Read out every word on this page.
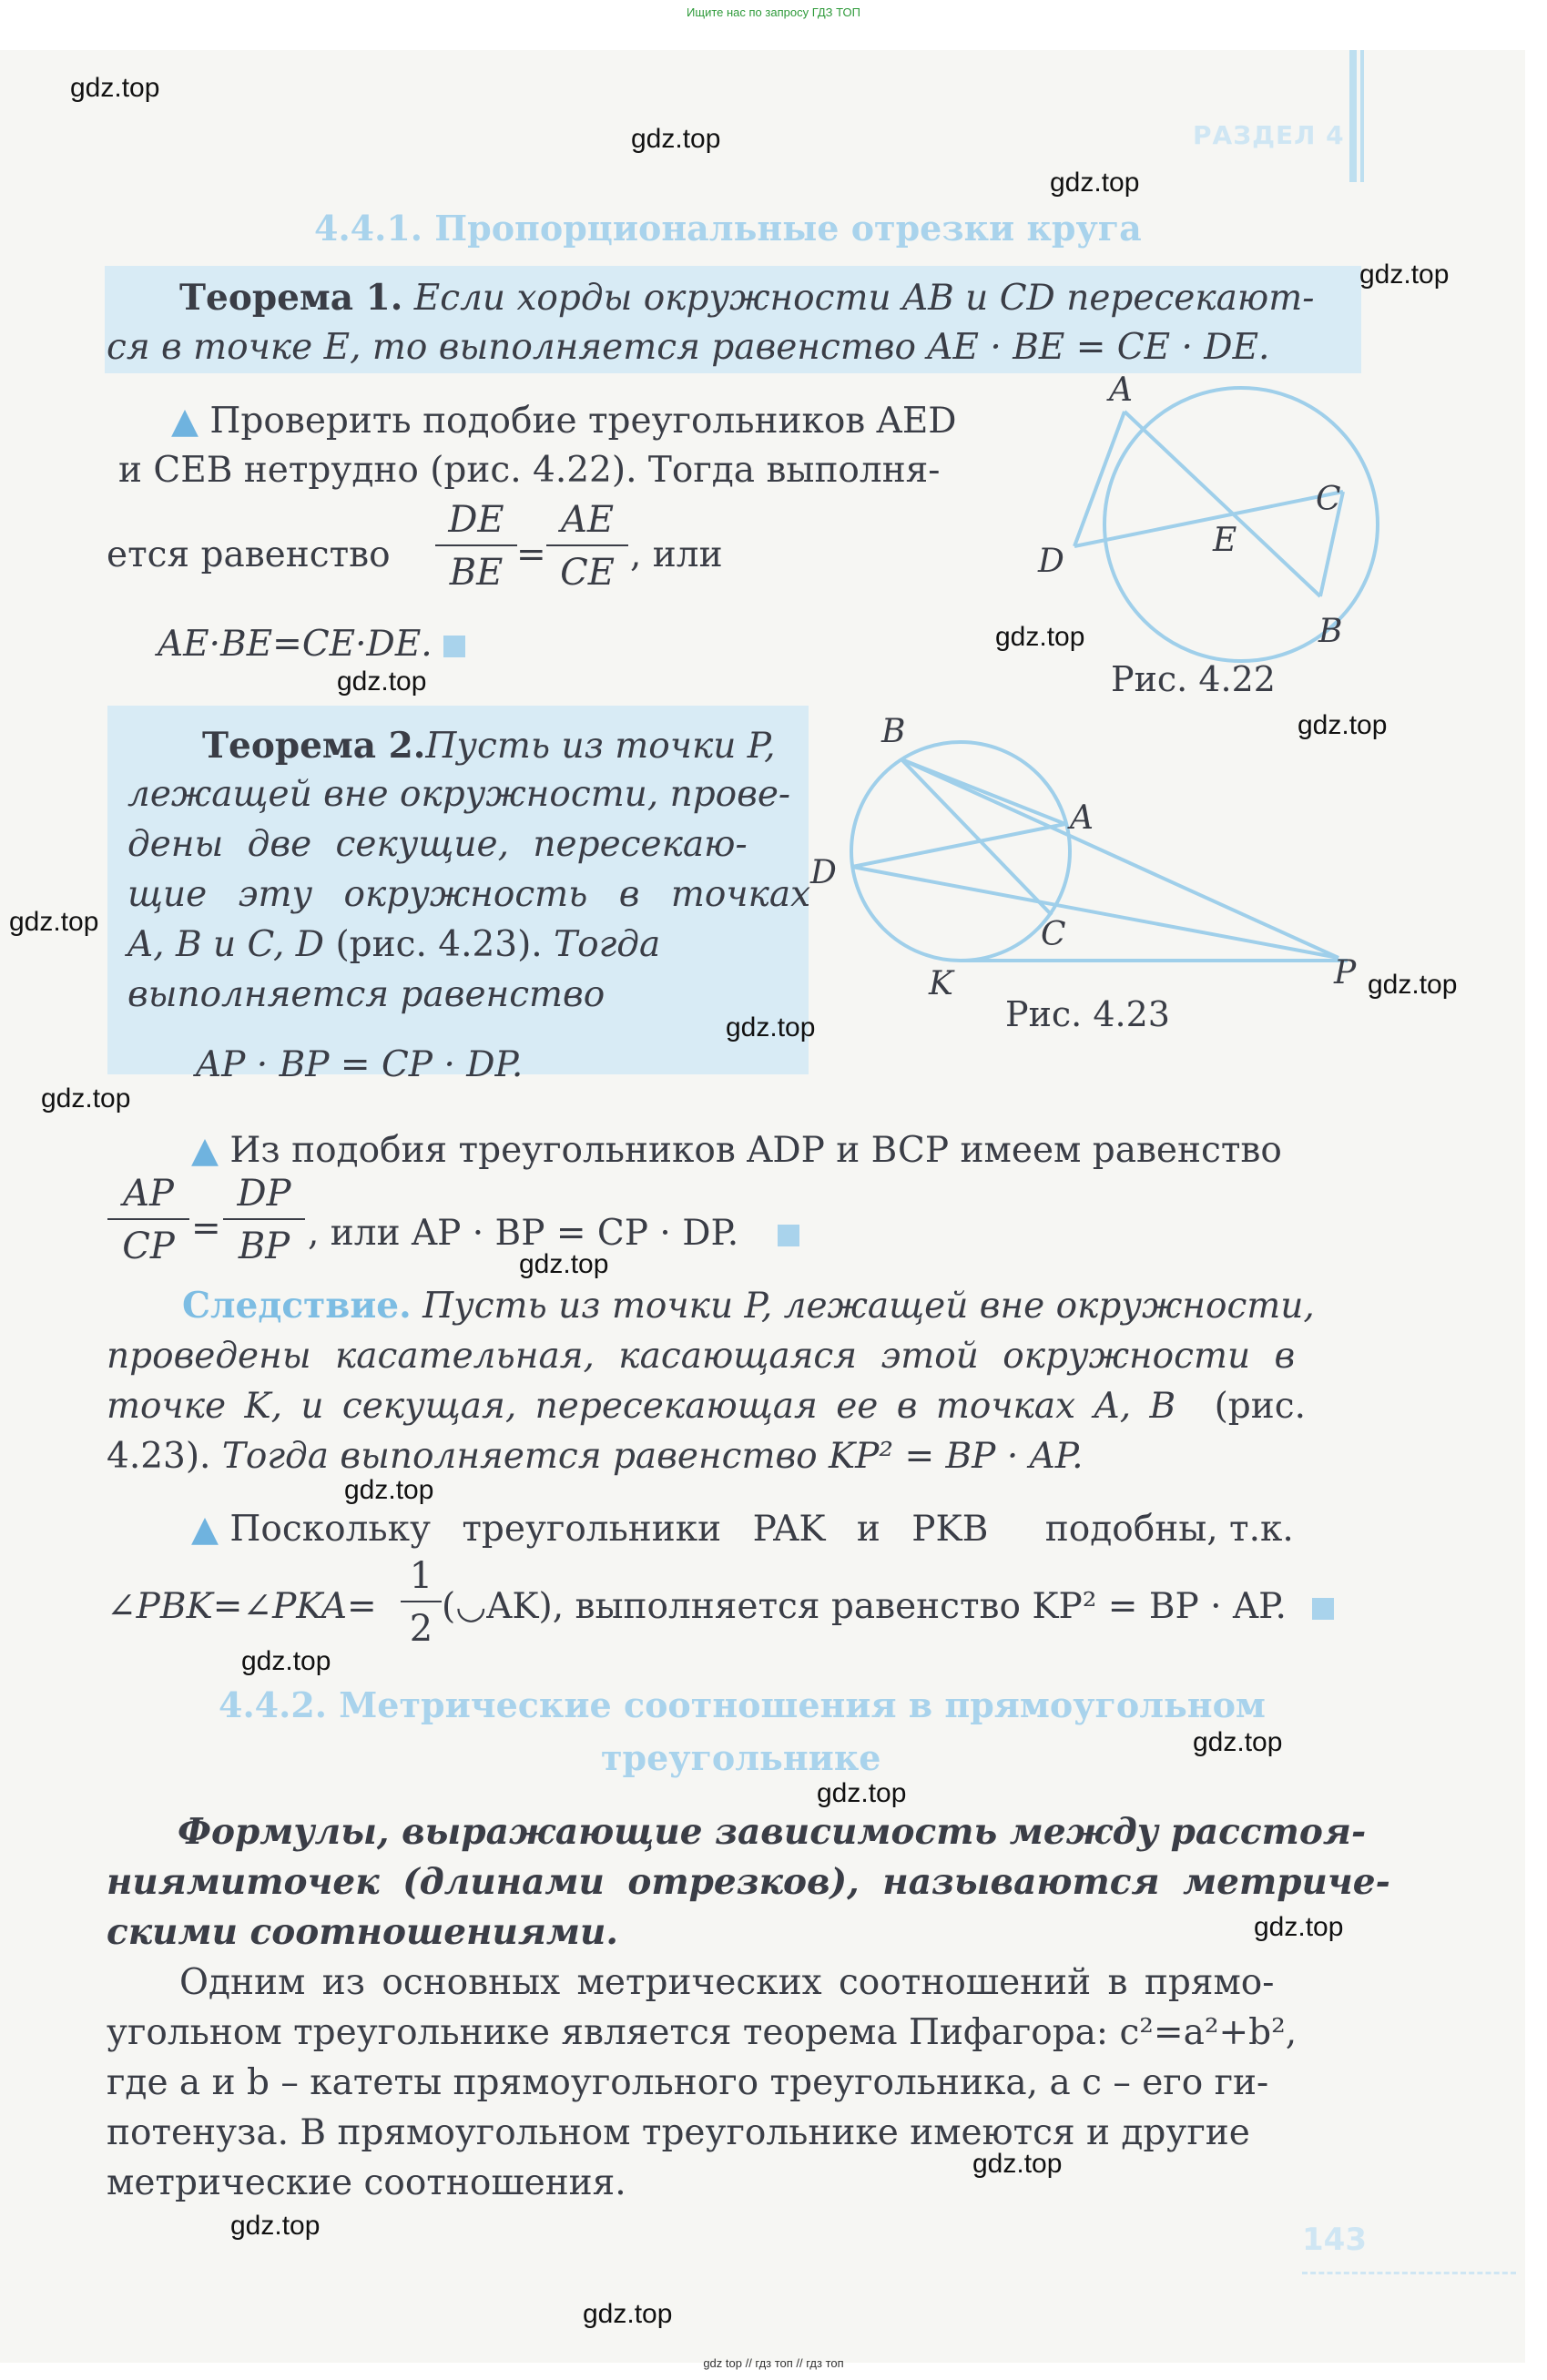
Ищите нас по запросу ГДЗ ТОП
РАЗДЕЛ 4
4.4.1. Пропорциональные отрезки круга
Теорема 1. Если хорды окружности AB и CD пересекают-
ся в точке E, то выполняется равенство AE · BE = CE · DE.
▲ Проверить подобие треугольников AED
и CEB нетрудно (рис. 4.22). Тогда выполня-
ется равенство $\frac{DE}{BE} = \frac{AE}{CE}$ , или
AE·BE=CE·DE.
A
B
C
D
E
Рис. 4.22
Теорема 2.Пусть из точки P,
лежащей вне окружности, прове-
дены две секущие, пересекаю-
щие эту окружность в точках
A, B и C, D (рис. 4.23). Тогда
выполняется равенство
AP · BP = CP · DP.
B
A
D
C
K	P
Рис. 4.23
▲ Из подобия треугольников ADP и BCP имеем равенство
$\frac{AP}{CP} = \frac{DP}{BP}$ , или AP · BP = CP · DP.
Следствие. Пусть из точки P, лежащей вне окружности,
проведены касательная, касающаяся этой окружности в
точке K, и секущая, пересекающая ее в точках A, B (рис.
4.23). Тогда выполняется равенство KP² = BP · AP.
▲ Поскольку треугольники PAK и PKB подобны, т.к.
∠PBK=∠PKA= $\frac{1}{2}$ (◡AK), выполняется равенство KP² = BP · AP.
4.4.2. Метрические соотношения в прямоугольном
треугольнике
Формулы, выражающие зависимость между расстоя-
ниямиточек (длинами отрезков), называются метриче-
скими соотношениями.
Одним из основных метрических соотношений в прямо-
угольном треугольнике является теорема Пифагора: c²=a²+b²,
где a и b – катеты прямоугольного треугольника, а c – его ги-
потенуза. В прямоугольном треугольнике имеются и другие
метрические соотношения.
143
gdz.top
gdz.top
gdz.top
gdz.top
gdz.top
gdz.top
gdz.top
gdz.top
gdz.top
gdz.top
gdz.top
gdz.top
gdz.top
gdz.top
gdz.top
gdz.top
gdz.top
gdz.top
gdz.top
gdz.top
gdz top // гдз топ // гдз топ
